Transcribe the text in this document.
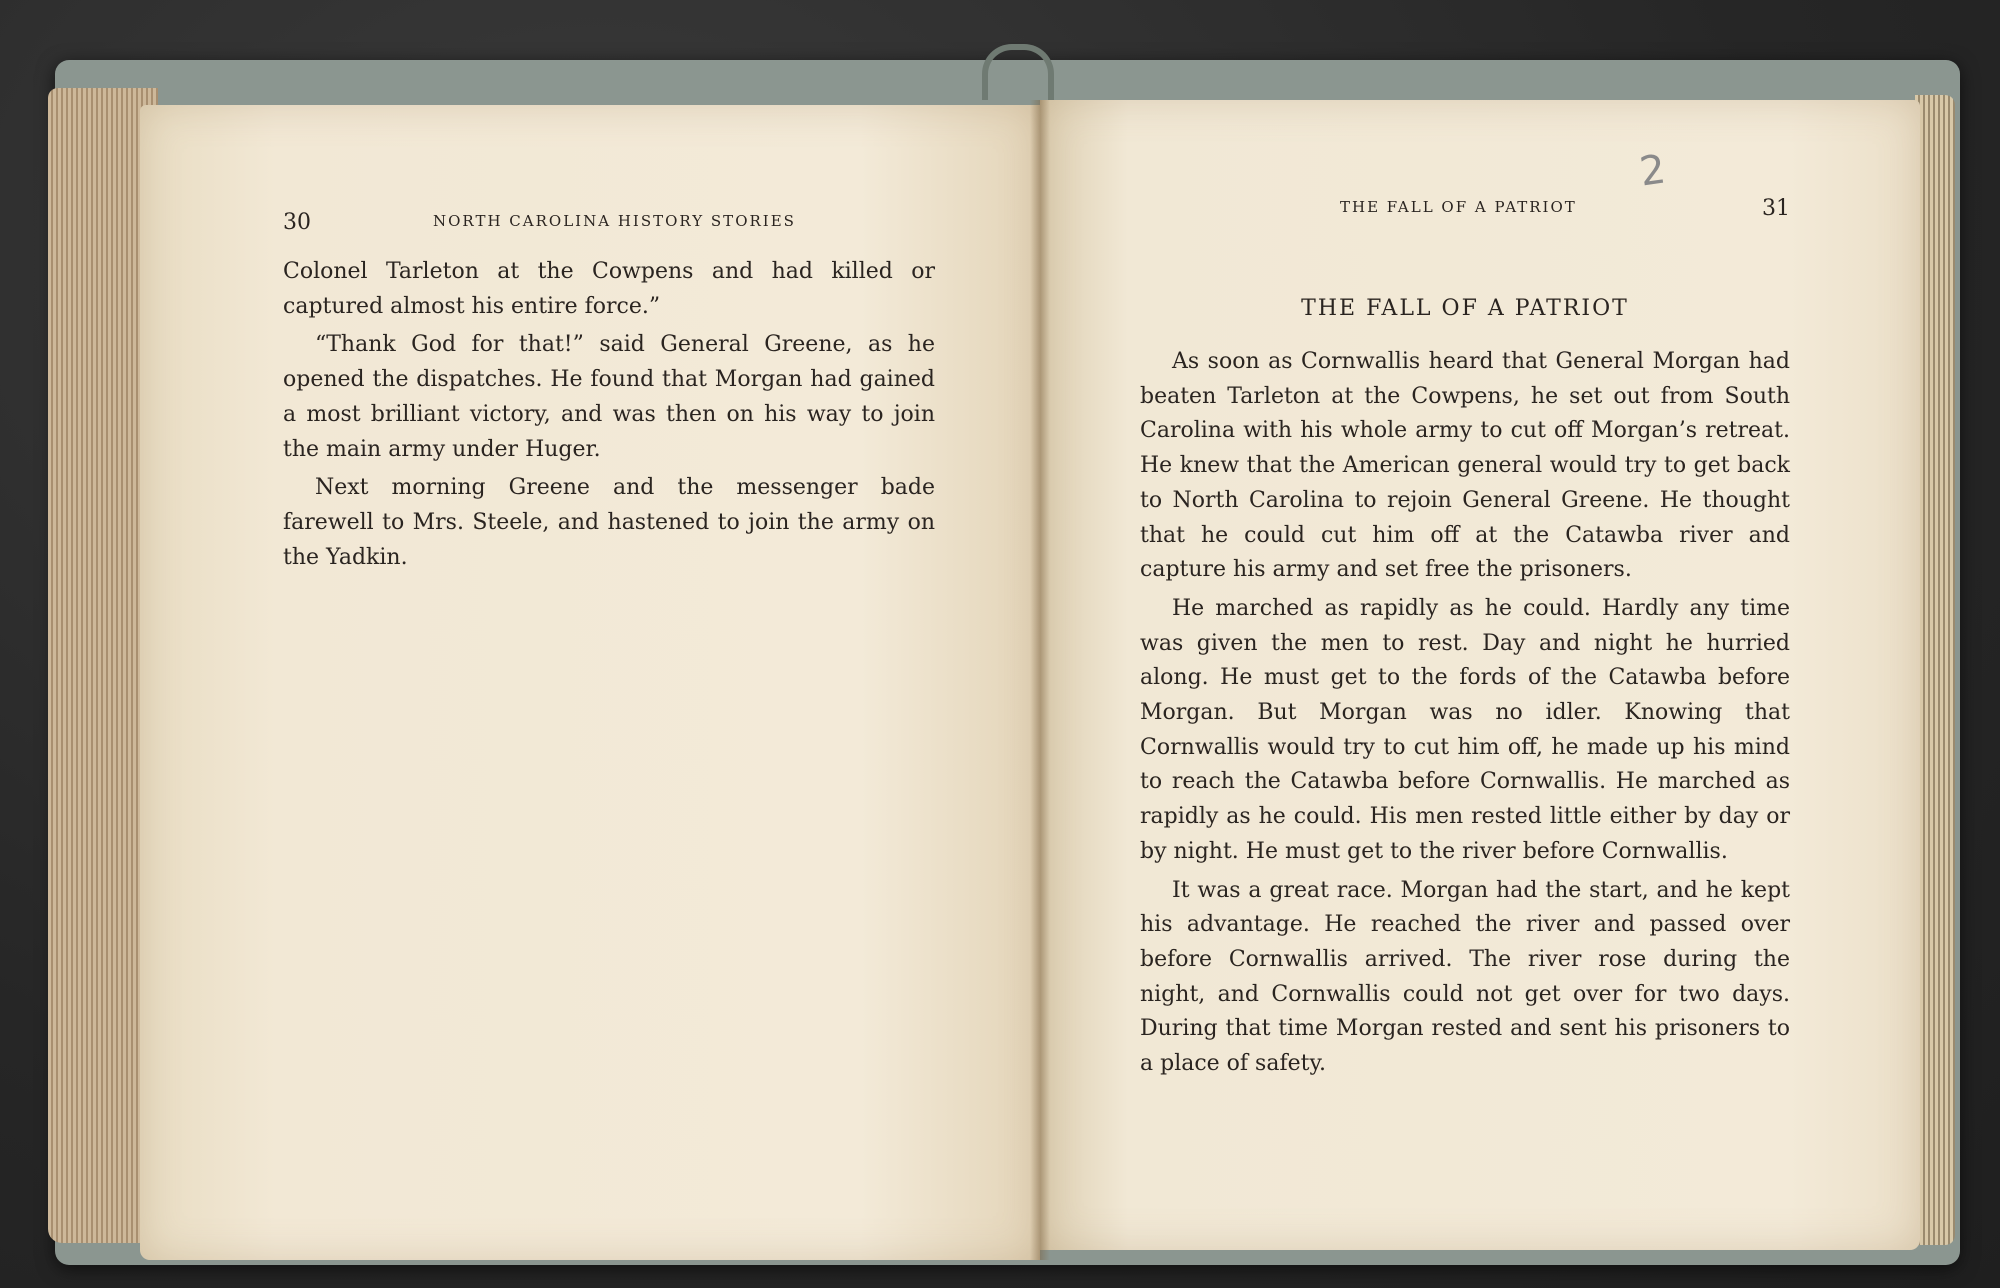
30	NORTH CAROLINA HISTORY STORIES

Colonel Tarleton at the Cowpens and had killed or captured almost his entire force.”

“Thank God for that!” said General Greene, as he opened the dispatches. He found that Morgan had gained a most brilliant victory, and was then on his way to join the main army under Huger.

Next morning Greene and the messenger bade farewell to Mrs. Steele, and hastened to join the army on the Yadkin.

THE FALL OF A PATRIOT	31
2
THE FALL OF A PATRIOT

As soon as Cornwallis heard that General Morgan had beaten Tarleton at the Cowpens, he set out from South Carolina with his whole army to cut off Morgan’s retreat. He knew that the American general would try to get back to North Carolina to rejoin General Greene. He thought that he could cut him off at the Catawba river and capture his army and set free the prisoners.

He marched as rapidly as he could. Hardly any time was given the men to rest. Day and night he hurried along. He must get to the fords of the Catawba before Morgan. But Morgan was no idler. Knowing that Cornwallis would try to cut him off, he made up his mind to reach the Catawba before Cornwallis. He marched as rapidly as he could. His men rested little either by day or by night. He must get to the river before Cornwallis.

It was a great race. Morgan had the start, and he kept his advantage. He reached the river and passed over before Cornwallis arrived. The river rose during the night, and Cornwallis could not get over for two days. During that time Morgan rested and sent his prisoners to a place of safety.
